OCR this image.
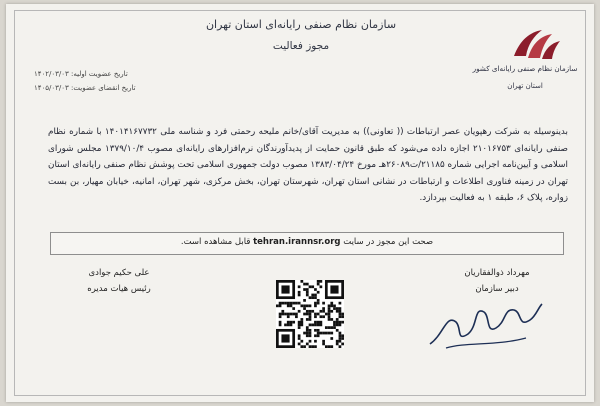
سازمان نظام صنفی رایانه‌ای استان تهران
مجوز فعالیت
سازمان نظام صنفی رایانه‌ای کشور
استان تهران
تاریخ عضویت اولیه: ۱۴۰۲/۰۳/۰۳
تاریخ انقضای عضویت: ۱۴۰۵/۰۳/۰۳
بدینوسیله به شرکت رهپویان عصر ارتباطات (( تعاونی)) به مدیریت آقای/خانم ملیحه رحمتی فرد و شناسه ملی ۱۴۰۱۴۱۶۷۷۳۲ با شماره نظام صنفی رایانه‌ای ۲۱۰۱۶۷۵۳ اجازه داده می‌شود که طبق قانون حمایت از پدیدآورندگان نرم‌افزارهای رایانه‌ای مصوب ۱۳۷۹/۱۰/۴ مجلس شورای اسلامی و آیین‌نامه اجرایی شماره ۲۱۱۸۵/ت۲۶۰۸۹هـ مورخ ۱۳۸۳/۰۴/۲۴ مصوب دولت جمهوری اسلامی تحت پوشش نظام صنفی رایانه‌ای استان تهران در زمینه فناوری اطلاعات و ارتباطات در نشانی استان تهران، شهرستان تهران، بخش مرکزی، شهر تهران، امانیه، خیابان مهیار، بن بست زواره، پلاک ۶، طبقه ۱ به فعالیت بپردازد.
صحت این مجوز در سایت tehran.irannsr.org قابل مشاهده است.
مهرداد ذوالفقاریان
دبیر سازمان
علی حکیم جوادی
رئیس هیات مدیره
